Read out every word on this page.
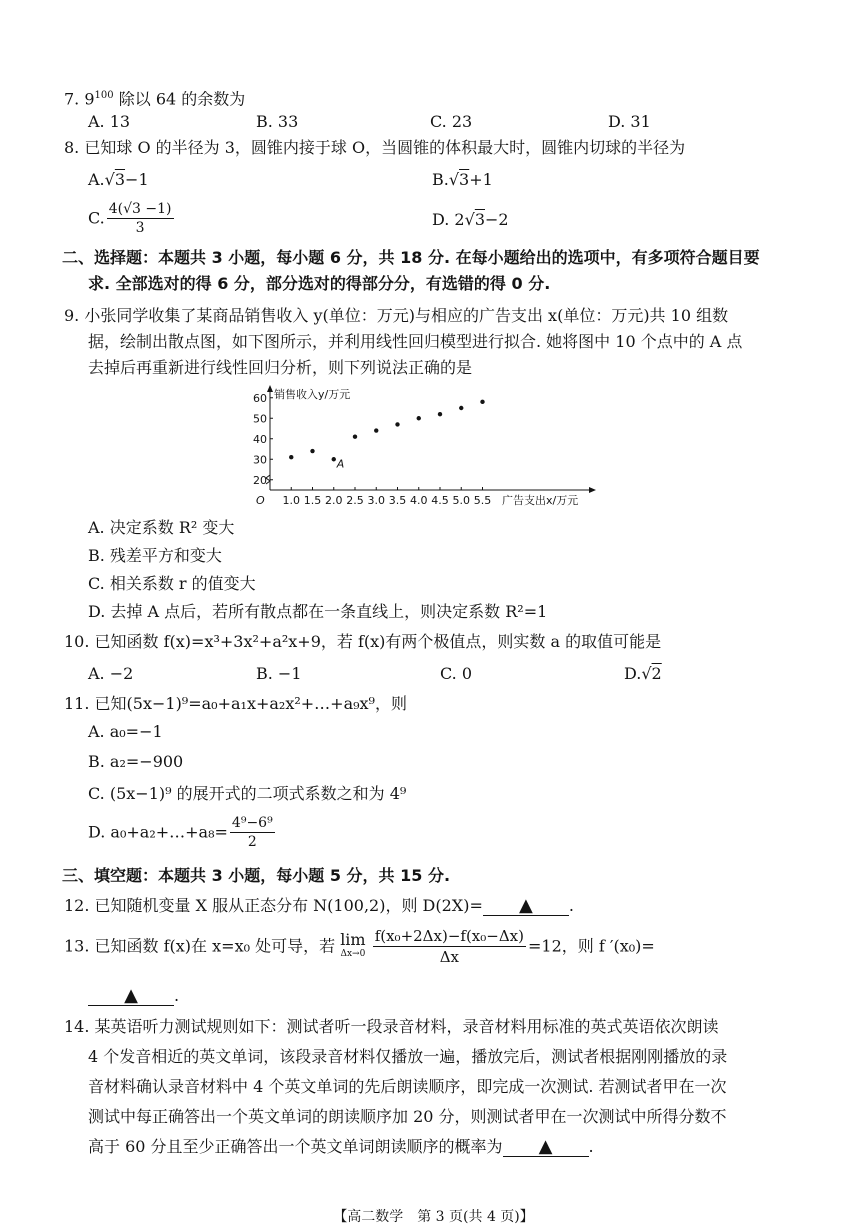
7. $9^{100}$ 除以 64 的余数为
A. 13	B. 33	C. 23	D. 31
8. 已知球 O 的半径为 3，圆锥内接于球 O，当圆锥的体积最大时，圆锥内切球的半径为
A.√3−1	B.√3+1
C. $\frac{4(√3 -1)}{3}$	D. 2√3−2
二、选择题：本题共 3 小题，每小题 6 分，共 18 分. 在每小题给出的选项中，有多项符合题目要
求. 全部选对的得 6 分，部分选对的得部分分，有选错的得 0 分.
9. 小张同学收集了某商品销售收入 y(单位：万元)与相应的广告支出 x(单位：万元)共 10 组数
据，绘制出散点图，如下图所示，并利用线性回归模型进行拟合. 她将图中 10 个点中的 A 点
去掉后再重新进行线性回归分析，则下列说法正确的是
20
30
40
50
60
1.0 1.5 2.0 2.5 3.0 3.5 4.0 4.5 5.0 5.5
O
销售收入y/万元
广告支出x/万元
A
A. 决定系数 R² 变大
B. 残差平方和变大
C. 相关系数 r 的值变大
D. 去掉 A 点后，若所有散点都在一条直线上，则决定系数 R²=1
10. 已知函数 f(x)=x³+3x²+a²x+9，若 f(x)有两个极值点，则实数 a 的取值可能是
A. −2	B. −1	C. 0	D.√2
11. 已知(5x−1)⁹=a₀+a₁x+a₂x²+…+a₉x⁹，则
A. a₀=−1
B. a₂=−900
C. (5x−1)⁹ 的展开式的二项式系数之和为 4⁹
D. a₀+a₂+…+a₈= $\frac{\text{4⁹−6⁹}}{2}$
三、填空题：本题共 3 小题，每小题 5 分，共 15 分.
12. 已知随机变量 X 服从正态分布 N(100,2)，则 D(2X)= ▲ .
13. 已知函数 f(x)在 x=x₀ 处可导，若 lim
Δx→0
$\frac{\text{f(x₀+2Δx)−f(x₀−Δx)}}{\Delta x} =12$，则 f ′(x₀)=
▲ .
14. 某英语听力测试规则如下：测试者听一段录音材料，录音材料用标准的英式英语依次朗读
4 个发音相近的英文单词，该段录音材料仅播放一遍，播放完后，测试者根据刚刚播放的录
音材料确认录音材料中 4 个英文单词的先后朗读顺序，即完成一次测试. 若测试者甲在一次
测试中每正确答出一个英文单词的朗读顺序加 20 分，则测试者甲在一次测试中所得分数不
高于 60 分且至少正确答出一个英文单词朗读顺序的概率为 ▲ .
【高二数学　第 3 页(共 4 页)】
